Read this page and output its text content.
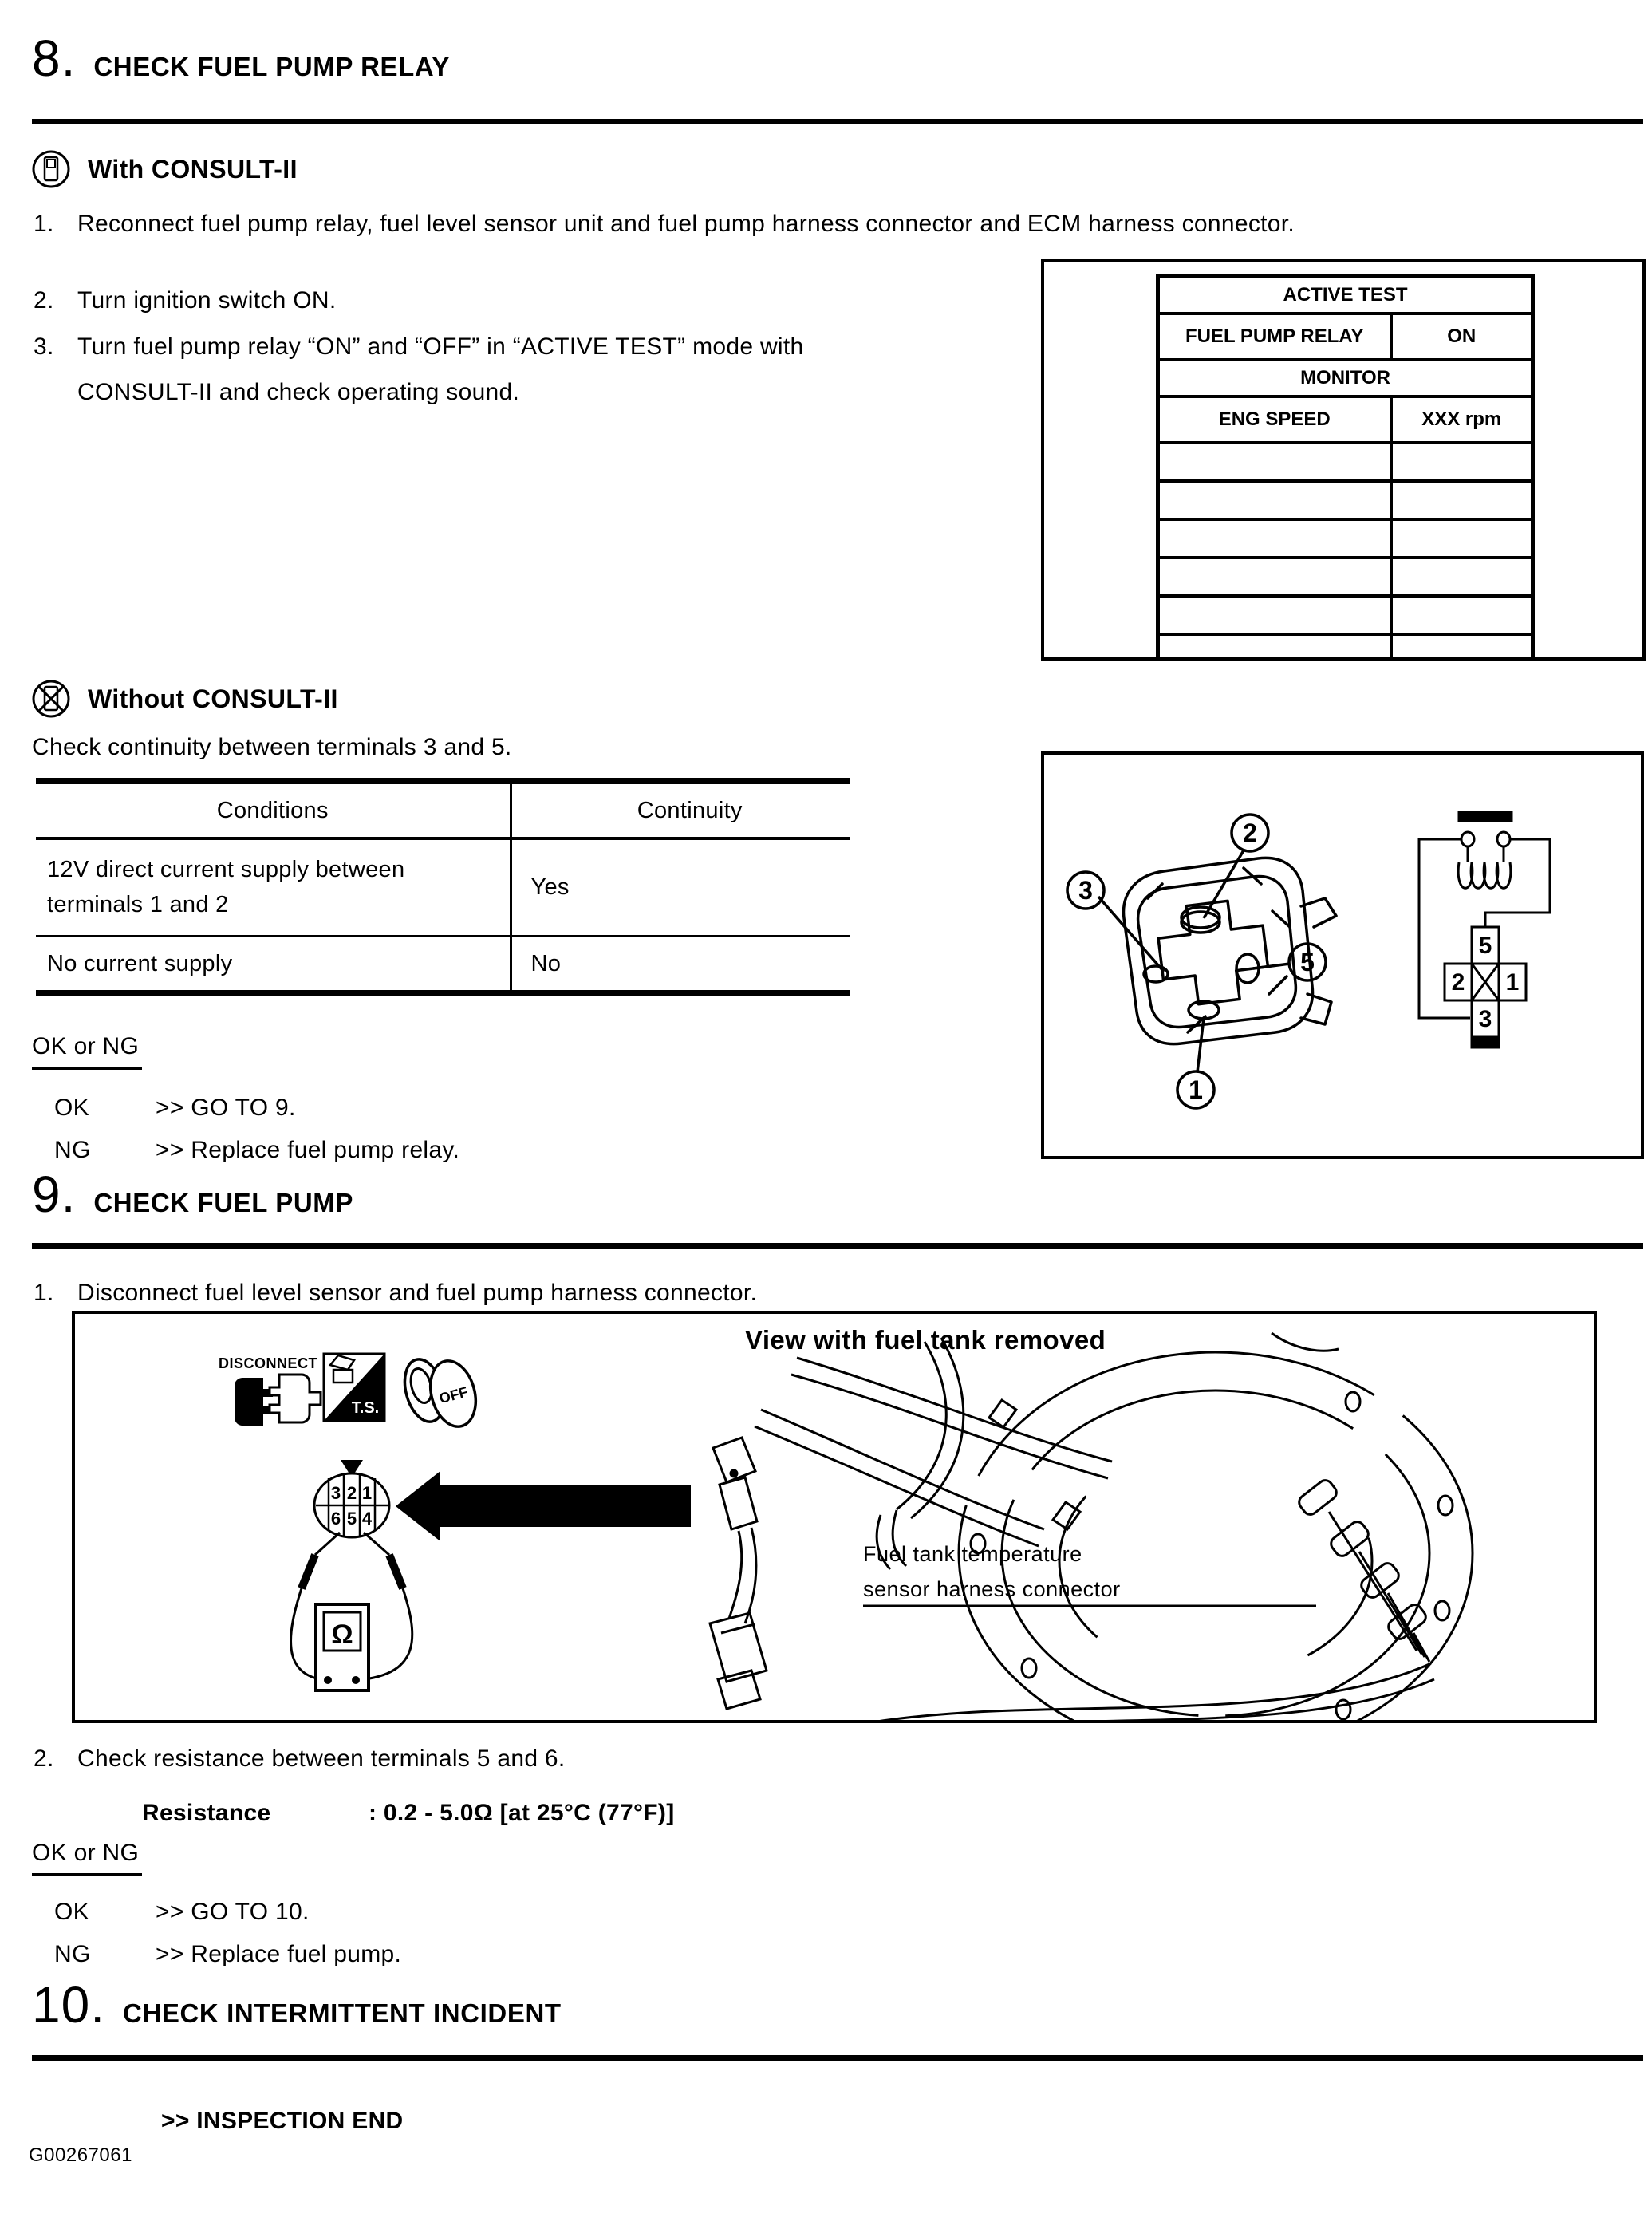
8. CHECK FUEL PUMP RELAY
With CONSULT-II
1. Reconnect fuel pump relay, fuel level sensor unit and fuel pump harness connector and ECM harness connector.
2. Turn ignition switch ON.
3. Turn fuel pump relay “ON” and “OFF” in “ACTIVE TEST” mode with CONSULT-II and check operating sound.
ACTIVE TEST	
FUEL PUMP RELAY	ON
MONITOR	
ENG SPEED	XXX rpm

Without CONSULT-II
Check continuity between terminals 3 and 5.
Conditions	Continuity
12V direct current supply between terminals 1 and 2	Yes
No current supply	No
2
3
5
1
5
2 1
3
OK or NG
OK	>> GO TO 9.
NG	>> Replace fuel pump relay.
9. CHECK FUEL PUMP
1. Disconnect fuel level sensor and fuel pump harness connector.
DISCONNECT
T.S.
OFF
3 2 1
6 5 4
Ω
View with fuel tank removed
Fuel tank temperature
sensor harness connector
2. Check resistance between terminals 5 and 6.
Resistance	: 0.2 - 5.0Ω [at 25°C (77°F)]
OK or NG
OK	>> GO TO 10.
NG	>> Replace fuel pump.
10. CHECK INTERMITTENT INCIDENT
>> INSPECTION END
G00267061
